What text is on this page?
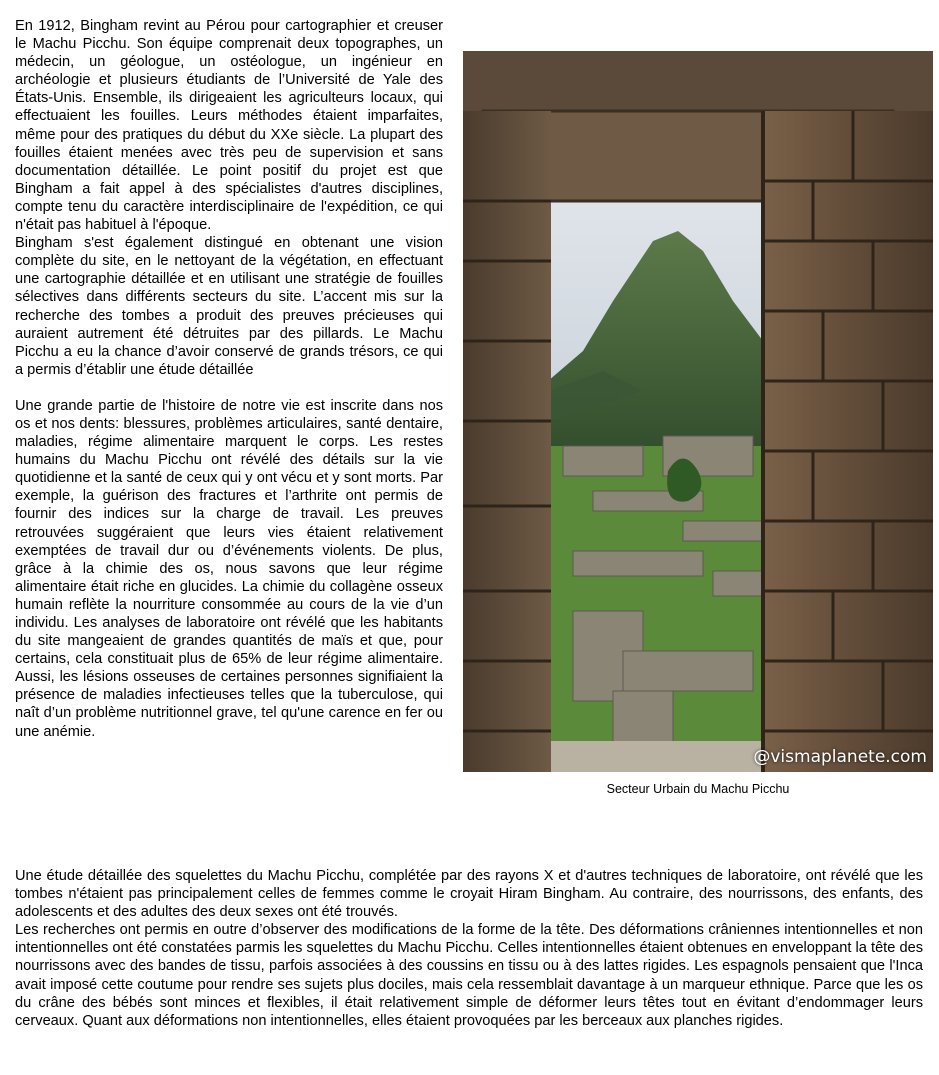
En 1912, Bingham revint au Pérou pour cartographier et creuser le Machu Picchu. Son équipe comprenait deux topographes, un médecin, un géologue, un ostéologue, un ingénieur en archéologie et plusieurs étudiants de l’Université de Yale des États-Unis. Ensemble, ils dirigeaient les agriculteurs locaux, qui effectuaient les fouilles. Leurs méthodes étaient imparfaites, même pour des pratiques du début du XXe siècle. La plupart des fouilles étaient menées avec très peu de supervision et sans documentation détaillée. Le point positif du projet est que Bingham a fait appel à des spécialistes d'autres disciplines, compte tenu du caractère interdisciplinaire de l'expédition, ce qui n'était pas habituel à l'époque.

Bingham s'est également distingué en obtenant une vision complète du site, en le nettoyant de la végétation, en effectuant une cartographie détaillée et en utilisant une stratégie de fouilles sélectives dans différents secteurs du site. L’accent mis sur la recherche des tombes a produit des preuves précieuses qui auraient autrement été détruites par des pillards. Le Machu Picchu a eu la chance d’avoir conservé de grands trésors, ce qui a permis d’établir une étude détaillée

Une grande partie de l'histoire de notre vie est inscrite dans nos os et nos dents: blessures, problèmes articulaires, santé dentaire, maladies, régime alimentaire marquent le corps. Les restes humains du Machu Picchu ont révélé des détails sur la vie quotidienne et la santé de ceux qui y ont vécu et y sont morts. Par exemple, la guérison des fractures et l’arthrite ont permis de fournir des indices sur la charge de travail. Les preuves retrouvées suggéraient que leurs vies étaient relativement exemptées de travail dur ou d’événements violents. De plus, grâce à la chimie des os, nous savons que leur régime alimentaire était riche en glucides. La chimie du collagène osseux humain reflète la nourriture consommée au cours de la vie d’un individu. Les analyses de laboratoire ont révélé que les habitants du site mangeaient de grandes quantités de maïs et que, pour certains, cela constituait plus de 65% de leur régime alimentaire. Aussi, les lésions osseuses de certaines personnes signifiaient la présence de maladies infectieuses telles que la tuberculose, qui naît d’un problème nutritionnel grave, tel qu'une carence en fer ou une anémie.

@vismaplanete.com
Secteur Urbain du Machu Picchu

Une étude détaillée des squelettes du Machu Picchu, complétée par des rayons X et d'autres techniques de laboratoire, ont révélé que les tombes n'étaient pas principalement celles de femmes comme le croyait Hiram Bingham. Au contraire, des nourrissons, des enfants, des adolescents et des adultes des deux sexes ont été trouvés.

Les recherches ont permis en outre d’observer des modifications de la forme de la tête. Des déformations crâniennes intentionnelles et non intentionnelles ont été constatées parmis les squelettes du Machu Picchu. Celles intentionnelles étaient obtenues en enveloppant la tête des nourrissons avec des bandes de tissu, parfois associées à des coussins en tissu ou à des lattes rigides. Les espagnols pensaient que l'Inca avait imposé cette coutume pour rendre ses sujets plus dociles, mais cela ressemblait davantage à un marqueur ethnique. Parce que les os du crâne des bébés sont minces et flexibles, il était relativement simple de déformer leurs têtes tout en évitant d’endommager leurs cerveaux. Quant aux déformations non intentionnelles, elles étaient provoquées par les berceaux aux planches rigides.
